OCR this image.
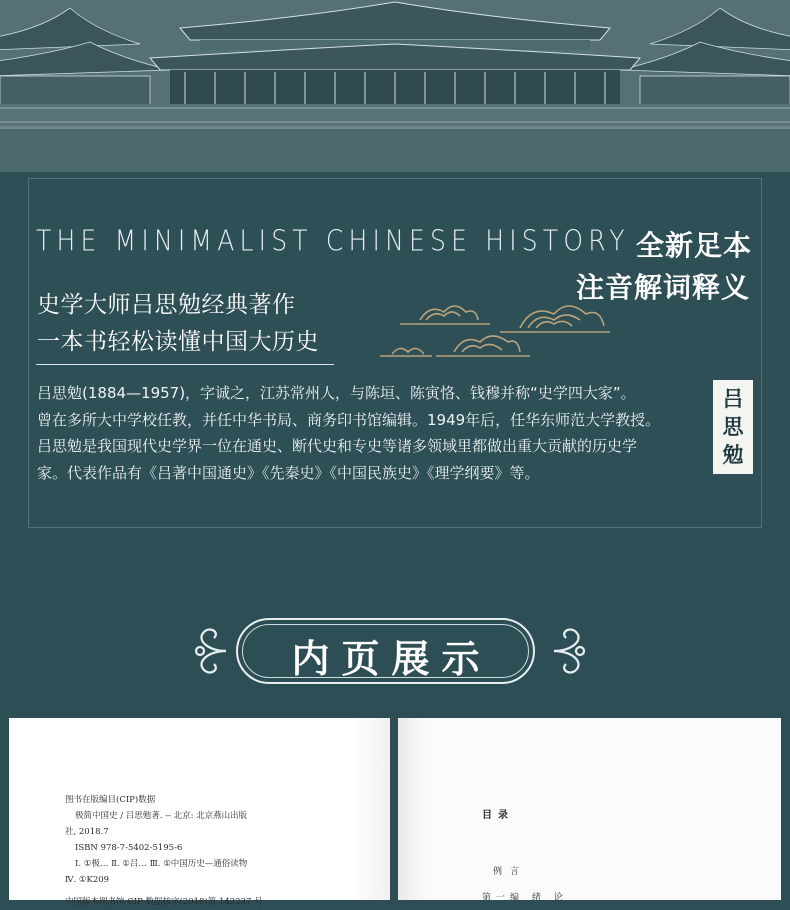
THE MINIMALIST CHINESE HISTORY 全新足本
注音解词释义
史学大师吕思勉经典著作
一本书轻松读懂中国大历史

吕思勉(1884—1957)，字诚之，江苏常州人，与陈垣、陈寅恪、钱穆并称“史学四大家”。

曾在多所大中学校任教，并任中华书局、商务印书馆编辑。1949年后，任华东师范大学教授。

吕思勉是我国现代史学界一位在通史、断代史和专史等诸多领域里都做出重大贡献的历史学

家。代表作品有《吕著中国通史》《先秦史》《中国民族史》《理学纲要》等。

吕
思
勉
内页展示
图书在版编目(CIP)数据
极简中国史 / 吕思勉著. -- 北京: 北京燕山出版
社, 2018.7
ISBN 978-7-5402-5195-6
Ⅰ. ①极… Ⅱ. ①吕… Ⅲ. ①中国历史—通俗读物
Ⅳ. ①K209
中国版本图书馆 CIP 数据核字(2018)第 142237 号
目录
例言
第一编 绪 论
